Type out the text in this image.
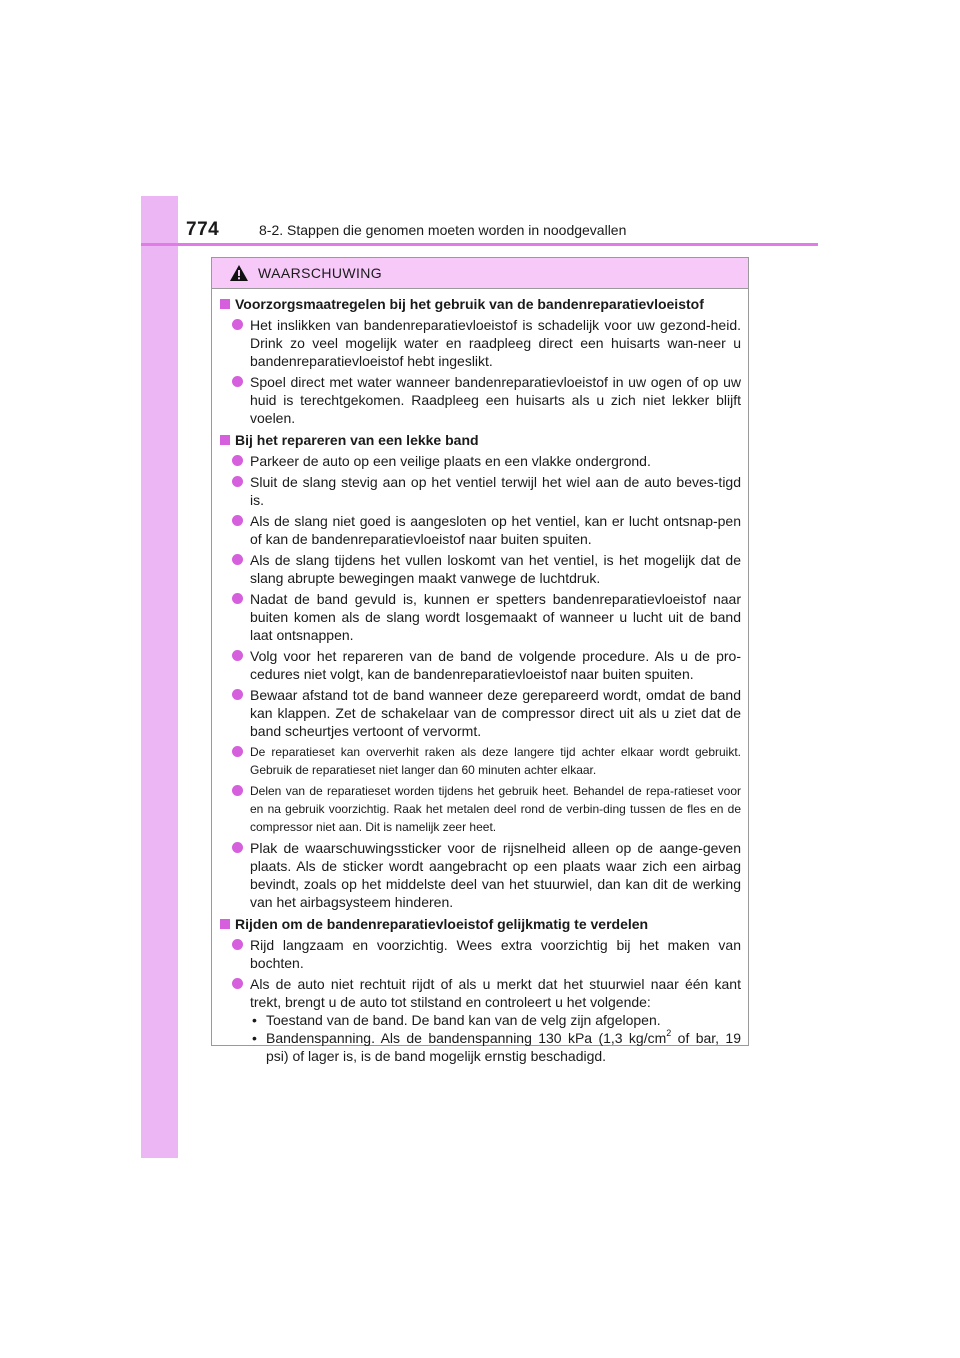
774	8-2. Stappen die genomen moeten worden in noodgevallen
WAARSCHUWING
Voorzorgsmaatregelen bij het gebruik van de bandenreparatievloeistof
Het inslikken van bandenreparatievloeistof is schadelijk voor uw gezond-heid. Drink zo veel mogelijk water en raadpleeg direct een huisarts wan-neer u bandenreparatievloeistof hebt ingeslikt.
Spoel direct met water wanneer bandenreparatievloeistof in uw ogen of op uw huid is terechtgekomen. Raadpleeg een huisarts als u zich niet lekker blijft voelen.
Bij het repareren van een lekke band
Parkeer de auto op een veilige plaats en een vlakke ondergrond.
Sluit de slang stevig aan op het ventiel terwijl het wiel aan de auto beves-tigd is.
Als de slang niet goed is aangesloten op het ventiel, kan er lucht ontsnap-pen of kan de bandenreparatievloeistof naar buiten spuiten.
Als de slang tijdens het vullen loskomt van het ventiel, is het mogelijk dat de slang abrupte bewegingen maakt vanwege de luchtdruk.
Nadat de band gevuld is, kunnen er spetters bandenreparatievloeistof naar buiten komen als de slang wordt losgemaakt of wanneer u lucht uit de band laat ontsnappen.
Volg voor het repareren van de band de volgende procedure. Als u de pro-cedures niet volgt, kan de bandenreparatievloeistof naar buiten spuiten.
Bewaar afstand tot de band wanneer deze gerepareerd wordt, omdat de band kan klappen. Zet de schakelaar van de compressor direct uit als u ziet dat de band scheurtjes vertoont of vervormt.
De reparatieset kan oververhit raken als deze langere tijd achter elkaar wordt gebruikt. Gebruik de reparatieset niet langer dan 60 minuten achter elkaar.
Delen van de reparatieset worden tijdens het gebruik heet. Behandel de repa-ratieset voor en na gebruik voorzichtig. Raak het metalen deel rond de verbin-ding tussen de fles en de compressor niet aan. Dit is namelijk zeer heet.
Plak de waarschuwingssticker voor de rijsnelheid alleen op de aange-geven plaats. Als de sticker wordt aangebracht op een plaats waar zich een airbag bevindt, zoals op het middelste deel van het stuurwiel, dan kan dit de werking van het airbagsysteem hinderen.
Rijden om de bandenreparatievloeistof gelijkmatig te verdelen
Rijd langzaam en voorzichtig. Wees extra voorzichtig bij het maken van bochten.
Als de auto niet rechtuit rijdt of als u merkt dat het stuurwiel naar één kant trekt, brengt u de auto tot stilstand en controleert u het volgende:
• Toestand van de band. De band kan van de velg zijn afgelopen.
• Bandenspanning. Als de bandenspanning 130 kPa (1,3 $kg/cm^2$ of bar, 19 psi) of lager is, is de band mogelijk ernstig beschadigd.
